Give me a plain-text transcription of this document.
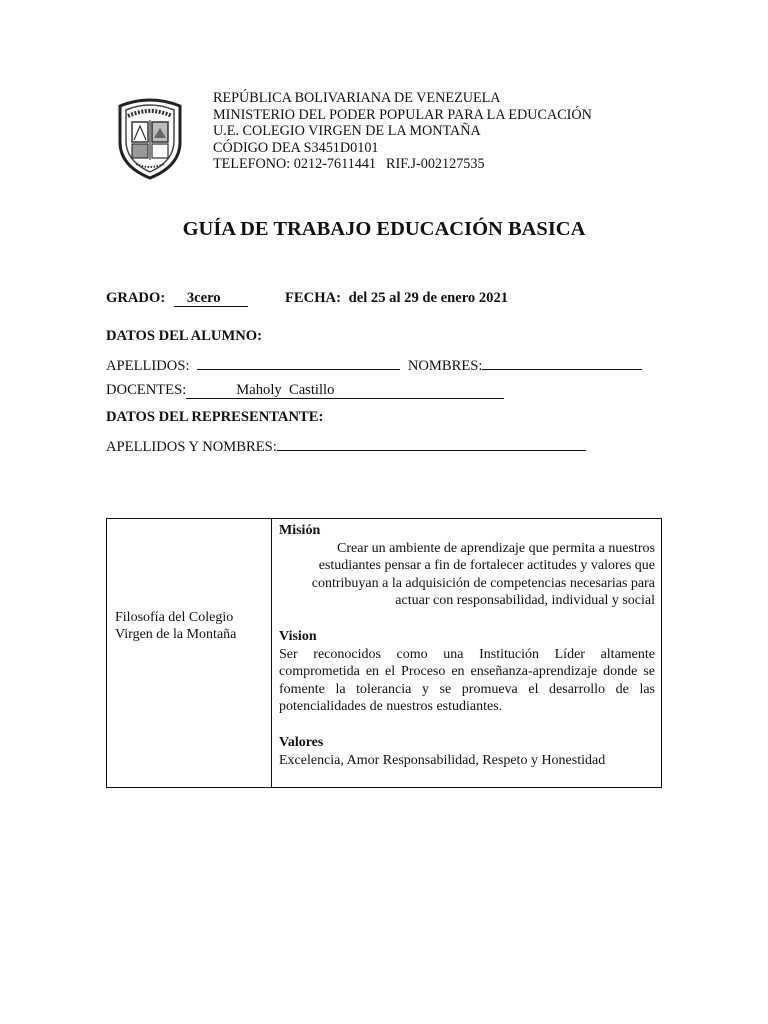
REPÚBLICA BOLIVARIANA DE VENEZUELA
MINISTERIO DEL PODER POPULAR PARA LA EDUCACIÓN
U.E. COLEGIO VIRGEN DE LA MONTAÑA
CÓDIGO DEA S3451D0101
TELEFONO: 0212-7611441 RIF.J-002127535
GUÍA DE TRABAJO EDUCACIÓN BASICA
GRADO: 3cero	FECHA: del 25 al 29 de enero 2021
DATOS DEL ALUMNO:
APELLIDOS:	NOMBRES:
DOCENTES:	Maholy  Castillo
DATOS DEL REPRESENTANTE:
APELLIDOS Y NOMBRES:
Filosofía del Colegio
Virgen de la Montaña

Misión

Crear un ambiente de aprendizaje que permita a nuestros
estudiantes pensar a fin de fortalecer actitudes y valores que
contribuyan a la adquisición de competencias necesarias para
actuar con responsabilidad, individual y social

Vision

Ser reconocidos como una Institución Líder altamente comprometida en el Proceso en enseñanza-aprendizaje donde se fomente la tolerancia y se promueva el desarrollo de las potencialidades de nuestros estudiantes.

Valores

Excelencia, Amor Responsabilidad, Respeto y Honestidad
